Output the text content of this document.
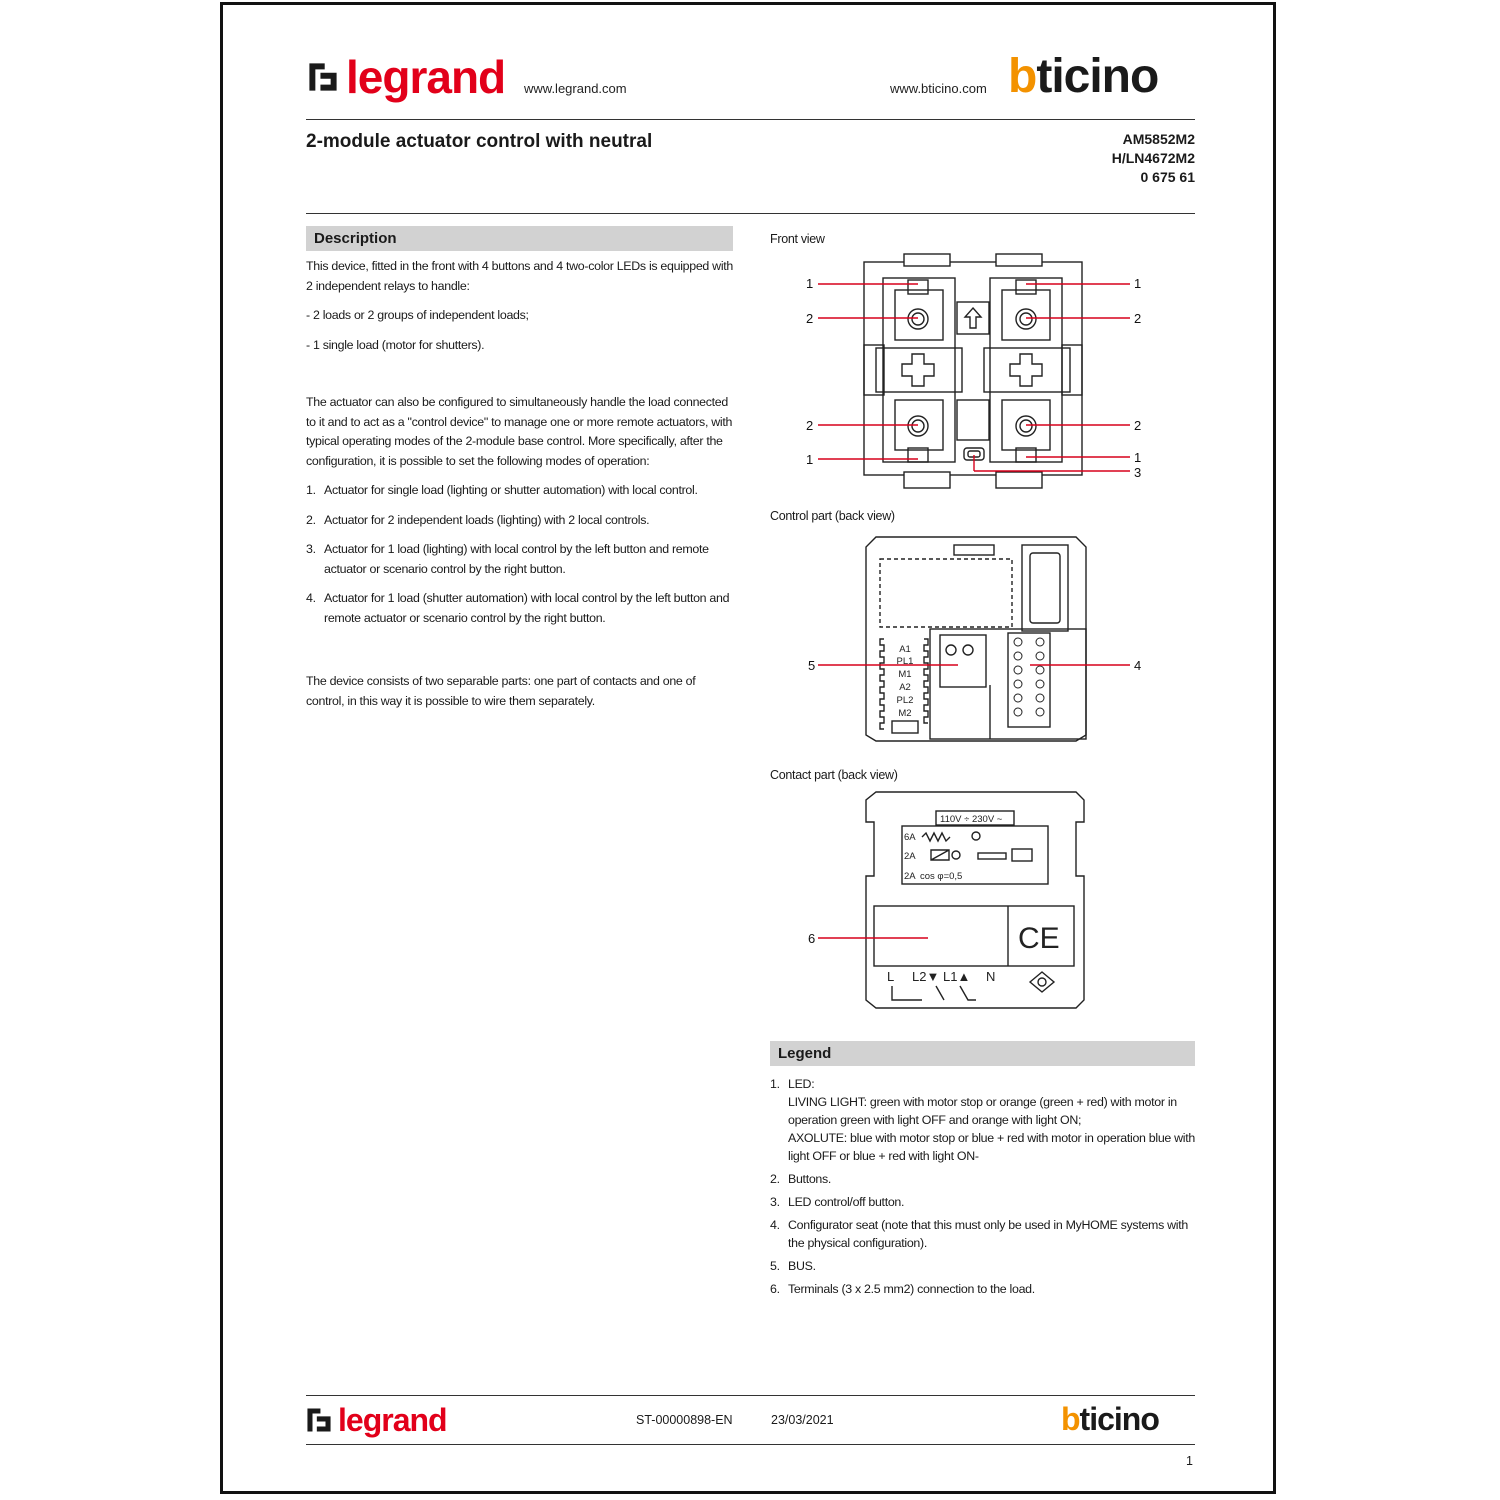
legrand www.legrand.com	www.bticino.com bticino
2-module actuator control with neutral	AM5852M2
H/LN4672M2
0 675 61
Description

This device, fitted in the front with 4 buttons and 4 two-color LEDs is equipped with 2 independent relays to handle:

- 2 loads or 2 groups of independent loads;

- 1 single load (motor for shutters).

The actuator can also be configured to simultaneously handle the load connected to it and to act as a "control device" to manage one or more remote actuators, with typical operating modes of the 2-module base control. More specifically, after the configuration, it is possible to set the following modes of operation:

1. Actuator for single load (lighting or shutter automation) with local control.
2. Actuator for 2 independent loads (lighting) with 2 local controls.
3. Actuator for 1 load (lighting) with local control by the left button and remote actuator or scenario control by the right button.
4. Actuator for 1 load (shutter automation) with local control by the left button and remote actuator or scenario control by the right button.

The device consists of two separable parts: one part of contacts and one of control, in this way it is possible to wire them separately.

Front view
1	1
2	2
2	2
1	1
3
Control part (back view)
A1
PL1
M1
A2
PL2
M2
5	4
Contact part (back view)
110V ÷ 230V ~
6A
2A
2A cos φ=0,5
L L2▼ L1▲ N
CE
6
Legend
1. LED:
LIVING LIGHT: green with motor stop or orange (green + red) with motor in operation green with light OFF and orange with light ON;
AXOLUTE: blue with motor stop or blue + red with motor in operation blue with light OFF or blue + red with light ON-
2. Buttons.
3. LED control/off button.
4. Configurator seat (note that this must only be used in MyHOME systems with the physical configuration).
5. BUS.
6. Terminals (3 x 2.5 mm2) connection to the load.
legrand	ST-00000898-EN	23/03/2021	bticino
1
